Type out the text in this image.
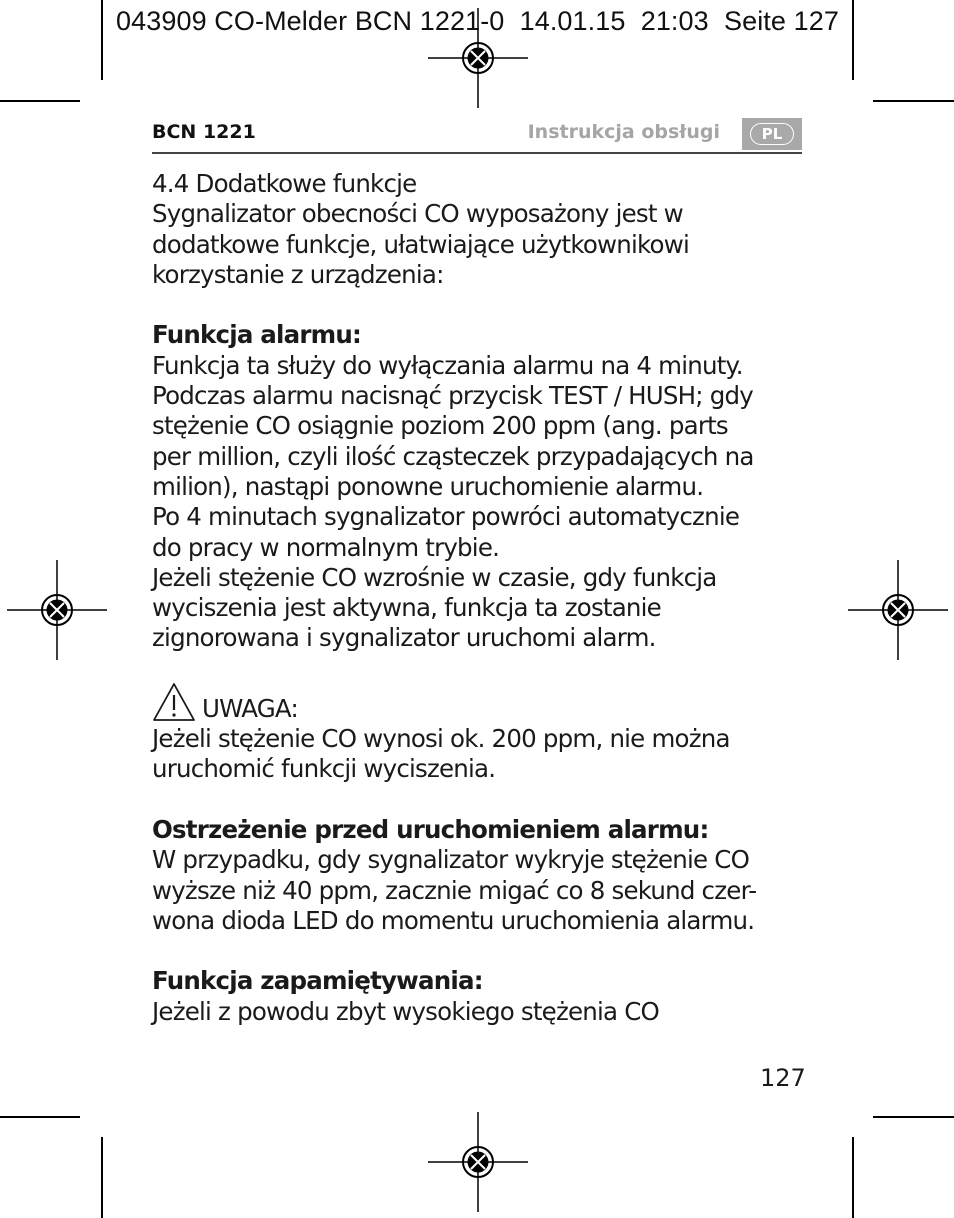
043909 CO-Melder BCN 1221-0  14.01.15  21:03  Seite 127
BCN 1221	Instrukcja obsługi	PL

4.4 Dodatkowe funkcje

Sygnalizator obecności CO wyposażony jest w

dodatkowe funkcje, ułatwiające użytkownikowi

korzystanie z urządzenia:

Funkcja alarmu:

Funkcja ta służy do wyłączania alarmu na 4 minuty.

Podczas alarmu nacisnąć przycisk TEST / HUSH; gdy

stężenie CO osiągnie poziom 200 ppm (ang. parts

per million, czyli ilość cząsteczek przypadających na

milion), nastąpi ponowne uruchomienie alarmu.

Po 4 minutach sygnalizator powróci automatycznie

do pracy w normalnym trybie.

Jeżeli stężenie CO wzrośnie w czasie, gdy funkcja

wyciszenia jest aktywna, funkcja ta zostanie

zignorowana i sygnalizator uruchomi alarm.

UWAGA:

Jeżeli stężenie CO wynosi ok. 200 ppm, nie można

uruchomić funkcji wyciszenia.

Ostrzeżenie przed uruchomieniem alarmu:

W przypadku, gdy sygnalizator wykryje stężenie CO

wyższe niż 40 ppm, zacznie migać co 8 sekund czer-

wona dioda LED do momentu uruchomienia alarmu.

Funkcja zapamiętywania:

Jeżeli z powodu zbyt wysokiego stężenia CO

127
